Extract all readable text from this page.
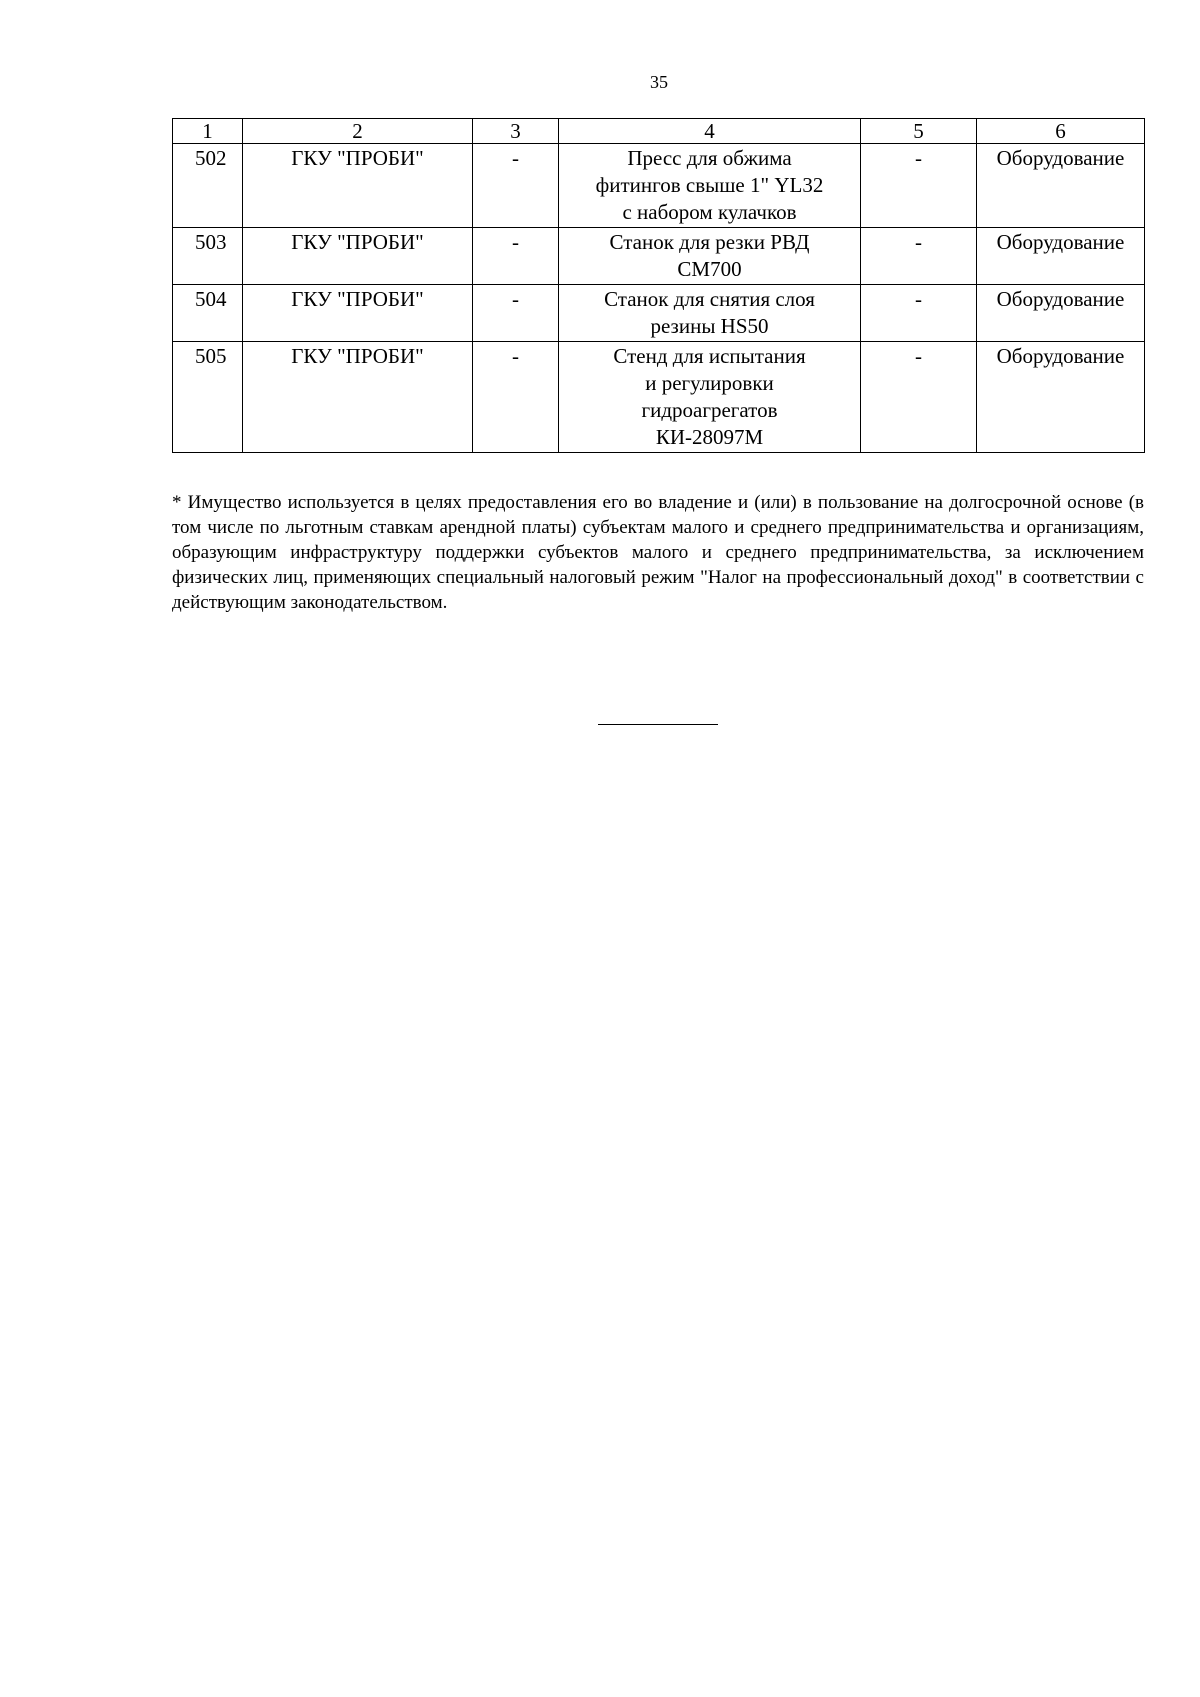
35
1	2	3	4	5	6
502	ГКУ "ПРОБИ"	-	Пресс для обжима
фитингов свыше 1" YL32
с набором кулачков	-	Оборудование
503	ГКУ "ПРОБИ"	-	Станок для резки РВД
СМ700	-	Оборудование
504	ГКУ "ПРОБИ"	-	Станок для снятия слоя
резины HS50	-	Оборудование
505	ГКУ "ПРОБИ"	-	Стенд для испытания
и регулировки
гидроагрегатов
КИ-28097М	-	Оборудование

* Имущество используется в целях предоставления его во владение и (или) в пользование на долгосрочной основе (в том числе по льготным ставкам арендной платы) субъектам малого и среднего предпринимательства и организациям, образующим инфраструктуру поддержки субъектов малого и среднего предпринимательства, за исключением физических лиц, применяющих специальный налоговый режим "Налог на профессиональный доход" в соответствии с действующим законодательством.
